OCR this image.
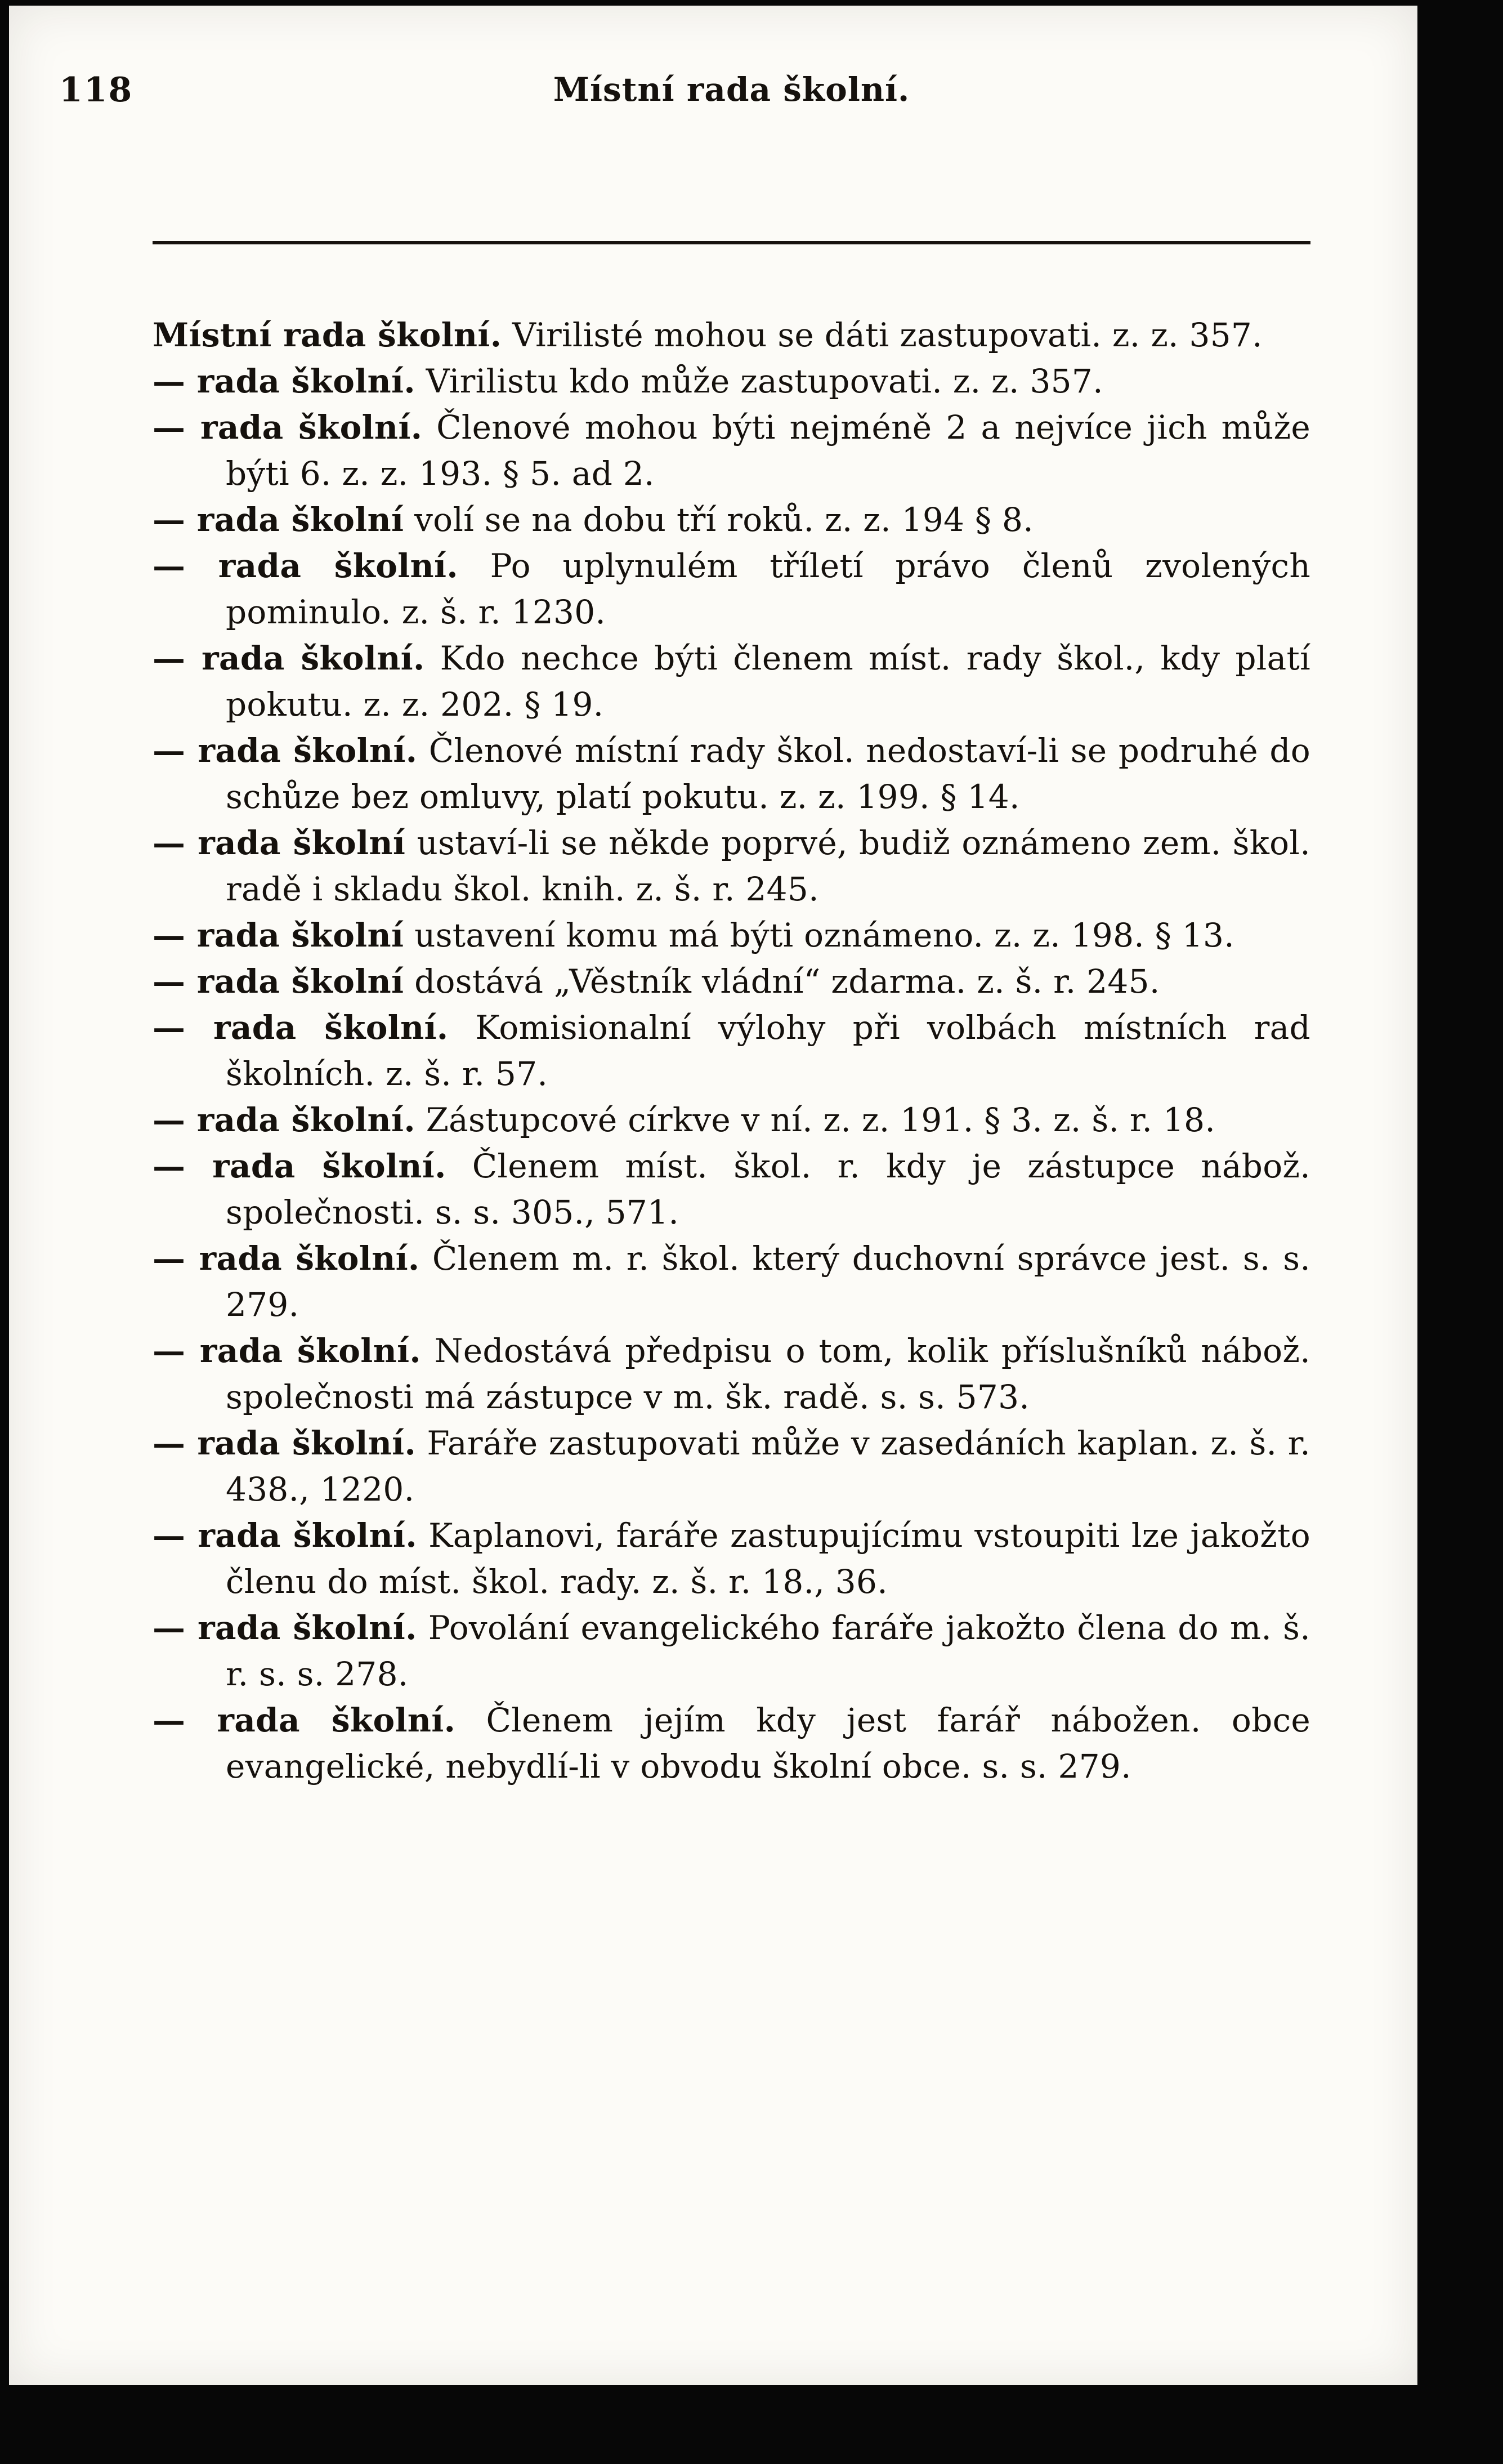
118	Místní rada školní.
Místní rada školní. Virilisté mohou se dáti zastupovati. z. z. 357.
— rada školní. Virilistu kdo může zastupovati. z. z. 357.
— rada školní. Členové mohou býti nejméně 2 a nejvíce jich může býti 6. z. z. 193. § 5. ad 2.
— rada školní volí se na dobu tří roků. z. z. 194 § 8.
— rada školní. Po uplynulém tříletí právo členů zvolených pominulo. z. š. r. 1230.
— rada školní. Kdo nechce býti členem míst. rady škol., kdy platí pokutu. z. z. 202. § 19.
— rada školní. Členové místní rady škol. nedostaví-li se podruhé do schůze bez omluvy, platí pokutu. z. z. 199. § 14.
— rada školní ustaví-li se někde poprvé, budiž oznámeno zem. škol. radě i skladu škol. knih. z. š. r. 245.
— rada školní ustavení komu má býti oznámeno. z. z. 198. § 13.
— rada školní dostává „Věstník vládní“ zdarma. z. š. r. 245.
— rada školní. Komisionalní výlohy při volbách místních rad školních. z. š. r. 57.
— rada školní. Zástupcové církve v ní. z. z. 191. § 3. z. š. r. 18.
— rada školní. Členem míst. škol. r. kdy je zástupce nábož. společnosti. s. s. 305., 571.
— rada školní. Členem m. r. škol. který duchovní správce jest. s. s. 279.
— rada školní. Nedostává předpisu o tom, kolik příslušníků nábož. společnosti má zástupce v m. šk. radě. s. s. 573.
— rada školní. Faráře zastupovati může v zasedáních kaplan. z. š. r. 438., 1220.
— rada školní. Kaplanovi, faráře zastupujícímu vstoupiti lze jakožto členu do míst. škol. rady. z. š. r. 18., 36.
— rada školní. Povolání evangelického faráře jakožto člena do m. š. r. s. s. 278.
— rada školní. Členem jejím kdy jest farář nábožen. obce evangelické, nebydlí-li v obvodu školní obce. s. s. 279.
